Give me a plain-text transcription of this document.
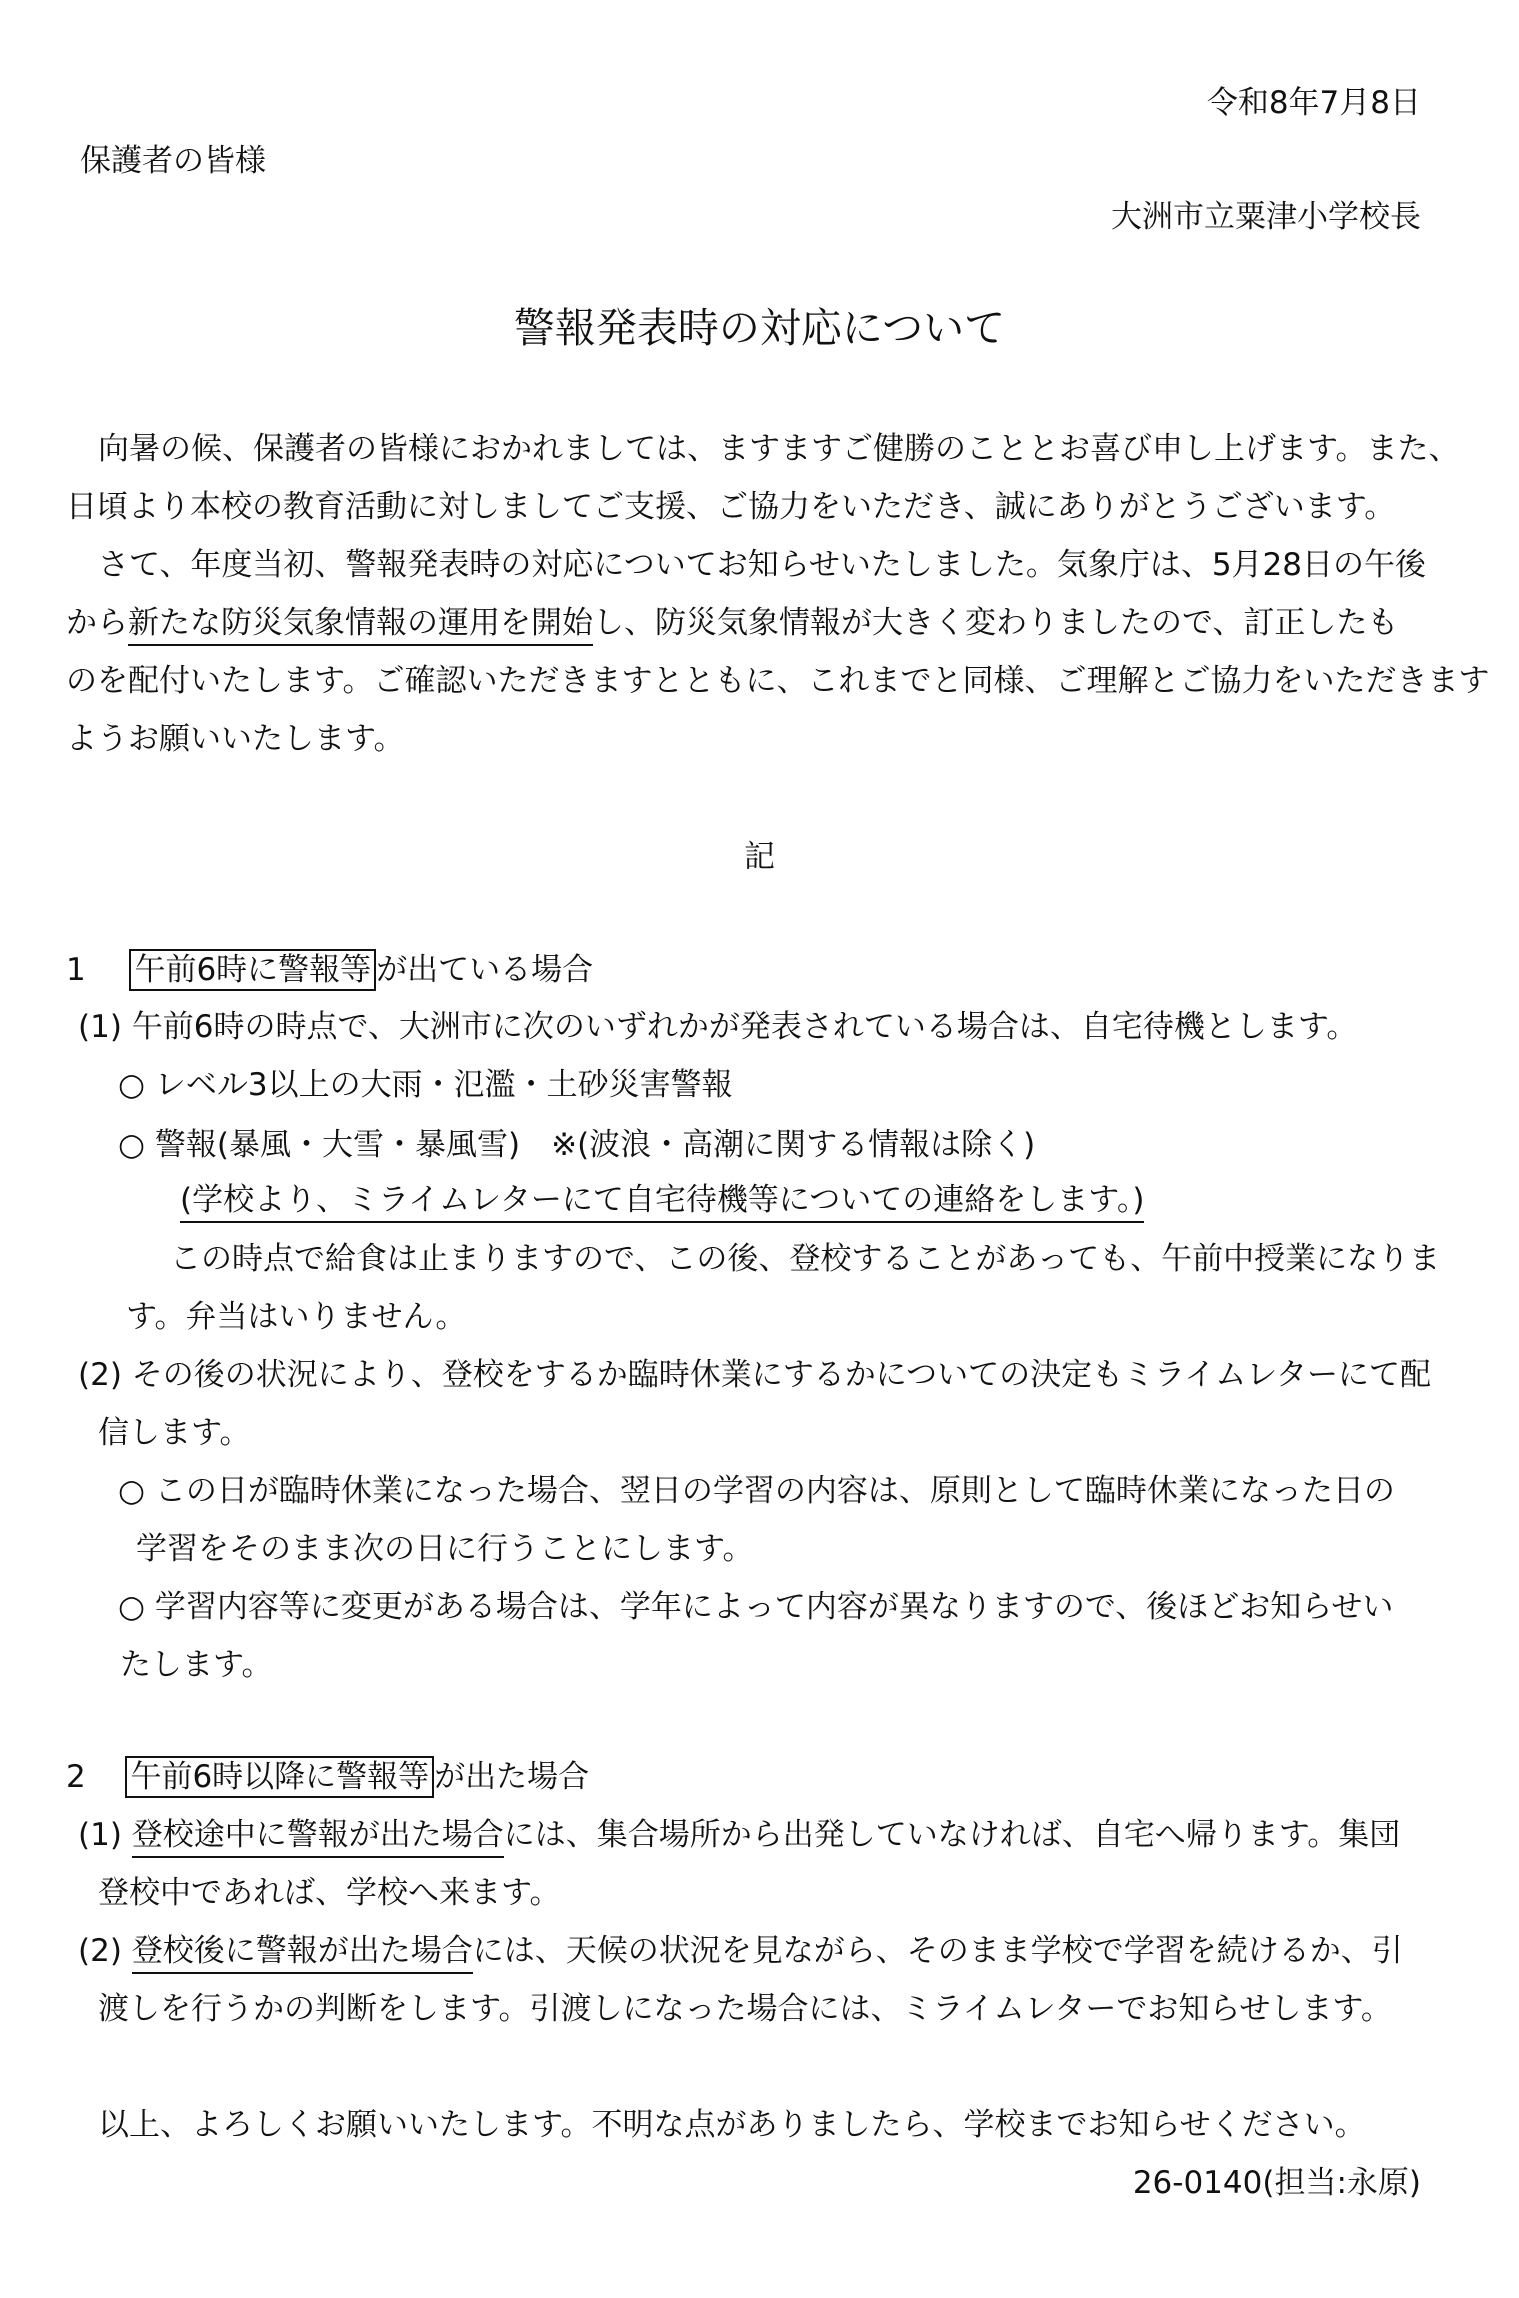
令和8年7月8日
保護者の皆様
大洲市立粟津小学校長
警報発表時の対応について
向暑の候、保護者の皆様におかれましては、ますますご健勝のこととお喜び申し上げます。また、
日頃より本校の教育活動に対しましてご支援、ご協力をいただき、誠にありがとうございます。
さて、年度当初、警報発表時の対応についてお知らせいたしました。気象庁は、5月28日の午後
から新たな防災気象情報の運用を開始し、防災気象情報が大きく変わりましたので、訂正したも
のを配付いたします。ご確認いただきますとともに、これまでと同様、ご理解とご協力をいただきます
ようお願いいたします。
記
1 午前6時に警報等 が出ている場合
(1) 午前6時の時点で、大洲市に次のいずれかが発表されている場合は、自宅待機とします。
○ レベル3以上の大雨・氾濫・土砂災害警報
○ 警報(暴風・大雪・暴風雪)　※(波浪・高潮に関する情報は除く)
(学校より、ミライムレターにて自宅待機等についての連絡をします。)
この時点で給食は止まりますので、この後、登校することがあっても、午前中授業になりま
す。弁当はいりません。
(2) その後の状況により、登校をするか臨時休業にするかについての決定もミライムレターにて配
信します。
○ この日が臨時休業になった場合、翌日の学習の内容は、原則として臨時休業になった日の
学習をそのまま次の日に行うことにします。
○ 学習内容等に変更がある場合は、学年によって内容が異なりますので、後ほどお知らせい
たします。
2 午前6時以降に警報等 が出た場合
(1) 登校途中に警報が出た場合には、集合場所から出発していなければ、自宅へ帰ります。集団
登校中であれば、学校へ来ます。
(2) 登校後に警報が出た場合には、天候の状況を見ながら、そのまま学校で学習を続けるか、引
渡しを行うかの判断をします。引渡しになった場合には、ミライムレターでお知らせします。
以上、よろしくお願いいたします。不明な点がありましたら、学校までお知らせください。
26-0140(担当:永原)
